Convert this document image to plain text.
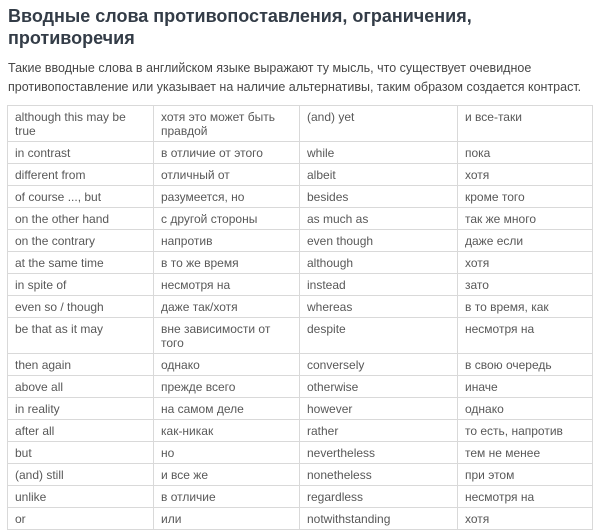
Вводные слова противопоставления, ограничения, противоречия

Такие вводные слова в английском языке выражают ту мысль, что существует очевидное
противопоставление или указывает на наличие альтернативы, таким образом создается контраст.

although this may be true	хотя это может быть правдой	(and) yet	и все-таки
in contrast	в отличие от этого	while	пока
different from	отличный от	albeit	хотя
of course ..., but	разумеется, но	besides	кроме того
on the other hand	с другой стороны	as much as	так же много
on the contrary	напротив	even though	даже если
at the same time	в то же время	although	хотя
in spite of	несмотря на	instead	зато
even so / though	даже так/хотя	whereas	в то время, как
be that as it may	вне зависимости от того	despite	несмотря на
then again	однако	conversely	в свою очередь
above all	прежде всего	otherwise	иначе
in reality	на самом деле	however	однако
after all	как-никак	rather	то есть, напротив
but	но	nevertheless	тем не менее
(and) still	и все же	nonetheless	при этом
unlike	в отличие	regardless	несмотря на
or	или	notwithstanding	хотя
